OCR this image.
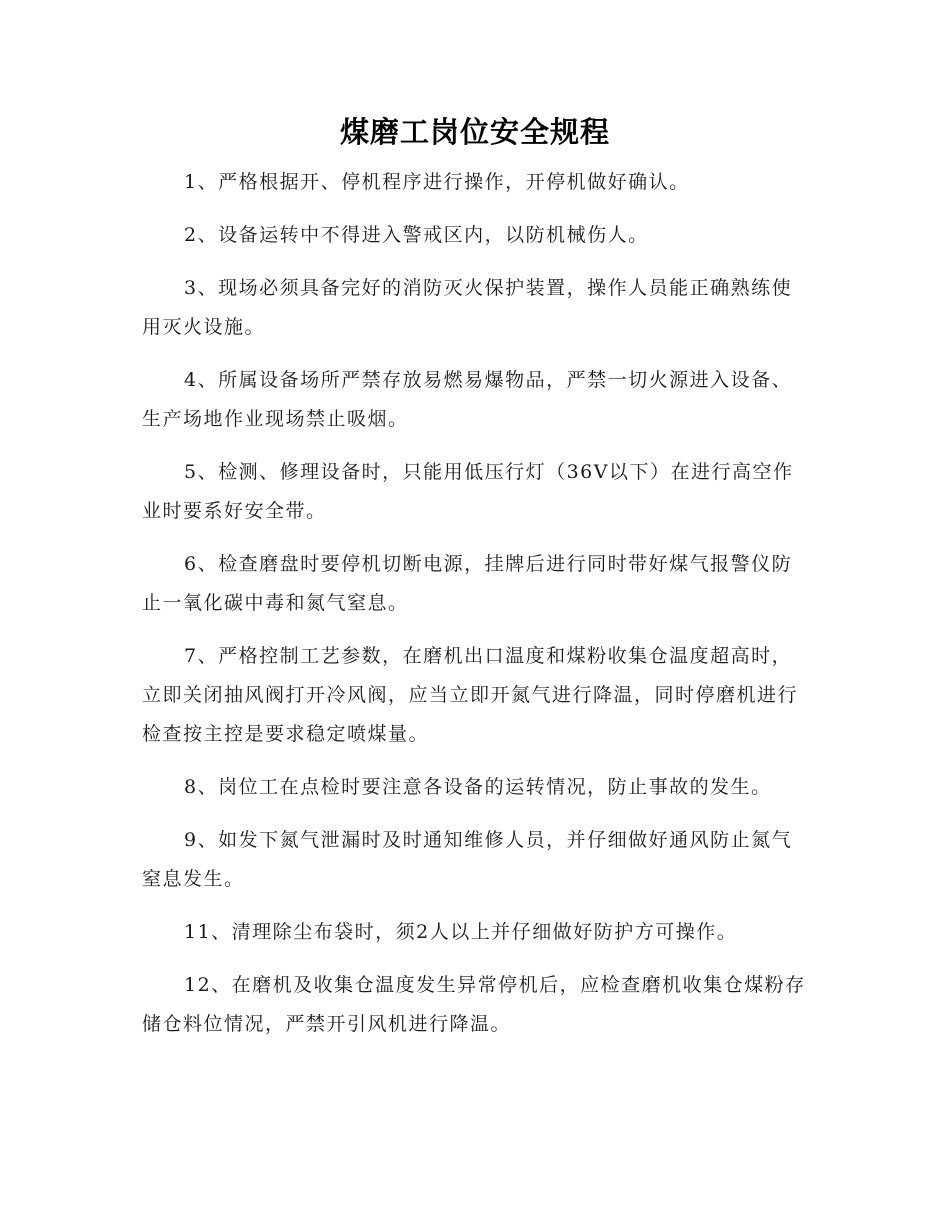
煤磨工岗位安全规程

1、严格根据开、停机程序进行操作，开停机做好确认。

2、设备运转中不得进入警戒区内，以防机械伤人。

3、现场必须具备完好的消防灭火保护装置，操作人员能正确熟练使用灭火设施。

4、所属设备场所严禁存放易燃易爆物品，严禁一切火源进入设备、生产场地作业现场禁止吸烟。

5、检测、修理设备时，只能用低压行灯（36V以下）在进行高空作业时要系好安全带。

6、检查磨盘时要停机切断电源，挂牌后进行同时带好煤气报警仪防止一氧化碳中毒和氮气窒息。

7、严格控制工艺参数，在磨机出口温度和煤粉收集仓温度超高时，立即关闭抽风阀打开冷风阀，应当立即开氮气进行降温，同时停磨机进行检查按主控是要求稳定喷煤量。

8、岗位工在点检时要注意各设备的运转情况，防止事故的发生。

9、如发下氮气泄漏时及时通知维修人员，并仔细做好通风防止氮气窒息发生。

11、清理除尘布袋时，须2人以上并仔细做好防护方可操作。

12、在磨机及收集仓温度发生异常停机后，应检查磨机收集仓煤粉存储仓料位情况，严禁开引风机进行降温。
